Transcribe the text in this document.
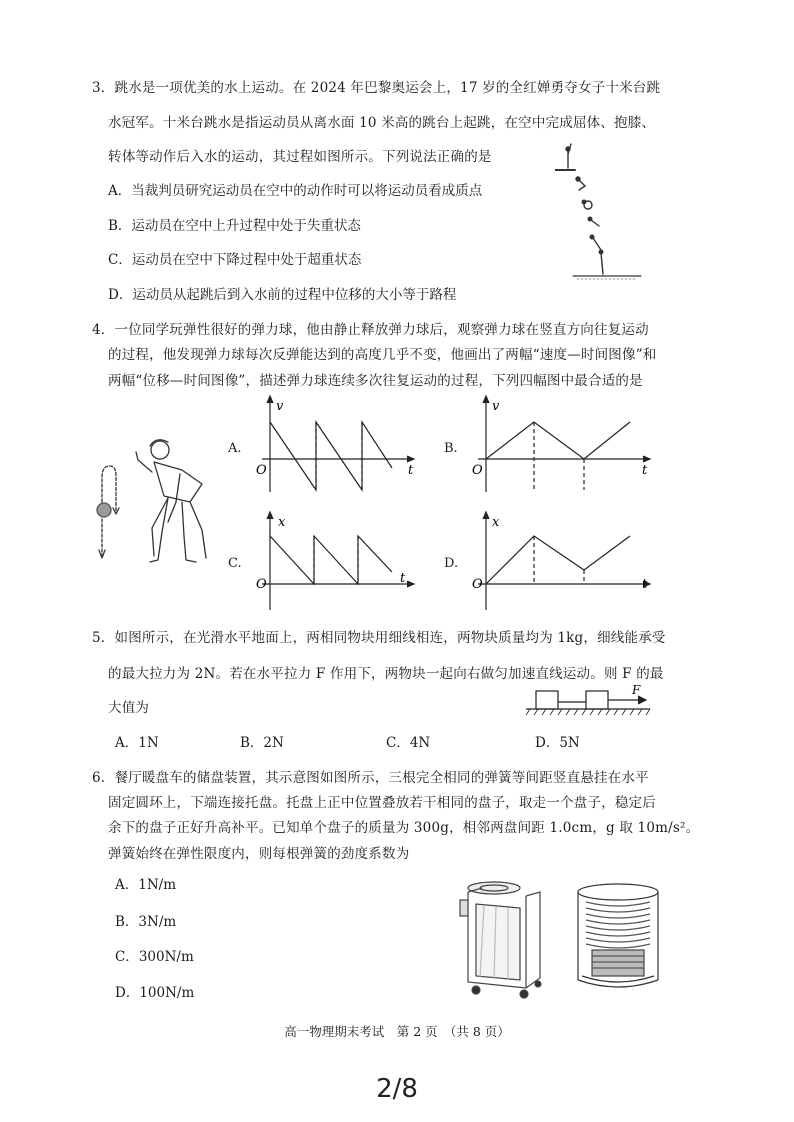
3．跳水是一项优美的水上运动。在 2024 年巴黎奥运会上，17 岁的全红婵勇夺女子十米台跳
水冠军。十米台跳水是指运动员从离水面 10 米高的跳台上起跳，在空中完成屈体、抱膝、
转体等动作后入水的运动，其过程如图所示。下列说法正确的是
A．当裁判员研究运动员在空中的动作时可以将运动员看成质点
B．运动员在空中上升过程中处于失重状态
C．运动员在空中下降过程中处于超重状态
D．运动员从起跳后到入水前的过程中位移的大小等于路程
4．一位同学玩弹性很好的弹力球，他由静止释放弹力球后，观察弹力球在竖直方向往复运动
的过程，他发现弹力球每次反弹能达到的高度几乎不变，他画出了两幅“速度—时间图像”和
两幅“位移—时间图像”，描述弹力球连续多次往复运动的过程，下列四幅图中最合适的是
A.
v
t
O
B.
v
t
O
C.
x
t
O
D.
x
t
O
5．如图所示，在光滑水平地面上，两相同物块用细线相连，两物块质量均为 1kg，细线能承受
的最大拉力为 2N。若在水平拉力 F 作用下，两物块一起向右做匀加速直线运动。则 F 的最
大值为
F
A．1N	B．2N	C．4N	D．5N
6．餐厅暖盘车的储盘装置，其示意图如图所示，三根完全相同的弹簧等间距竖直悬挂在水平
固定圆环上，下端连接托盘。托盘上正中位置叠放若干相同的盘子，取走一个盘子，稳定后
余下的盘子正好升高补平。已知单个盘子的质量为 300g，相邻两盘间距 1.0cm，g 取 10m/s²。
弹簧始终在弹性限度内，则每根弹簧的劲度系数为
A．1N/m
B．3N/m
C．300N/m
D．100N/m
高一物理期末考试　第 2 页　（共 8 页）
2/8
